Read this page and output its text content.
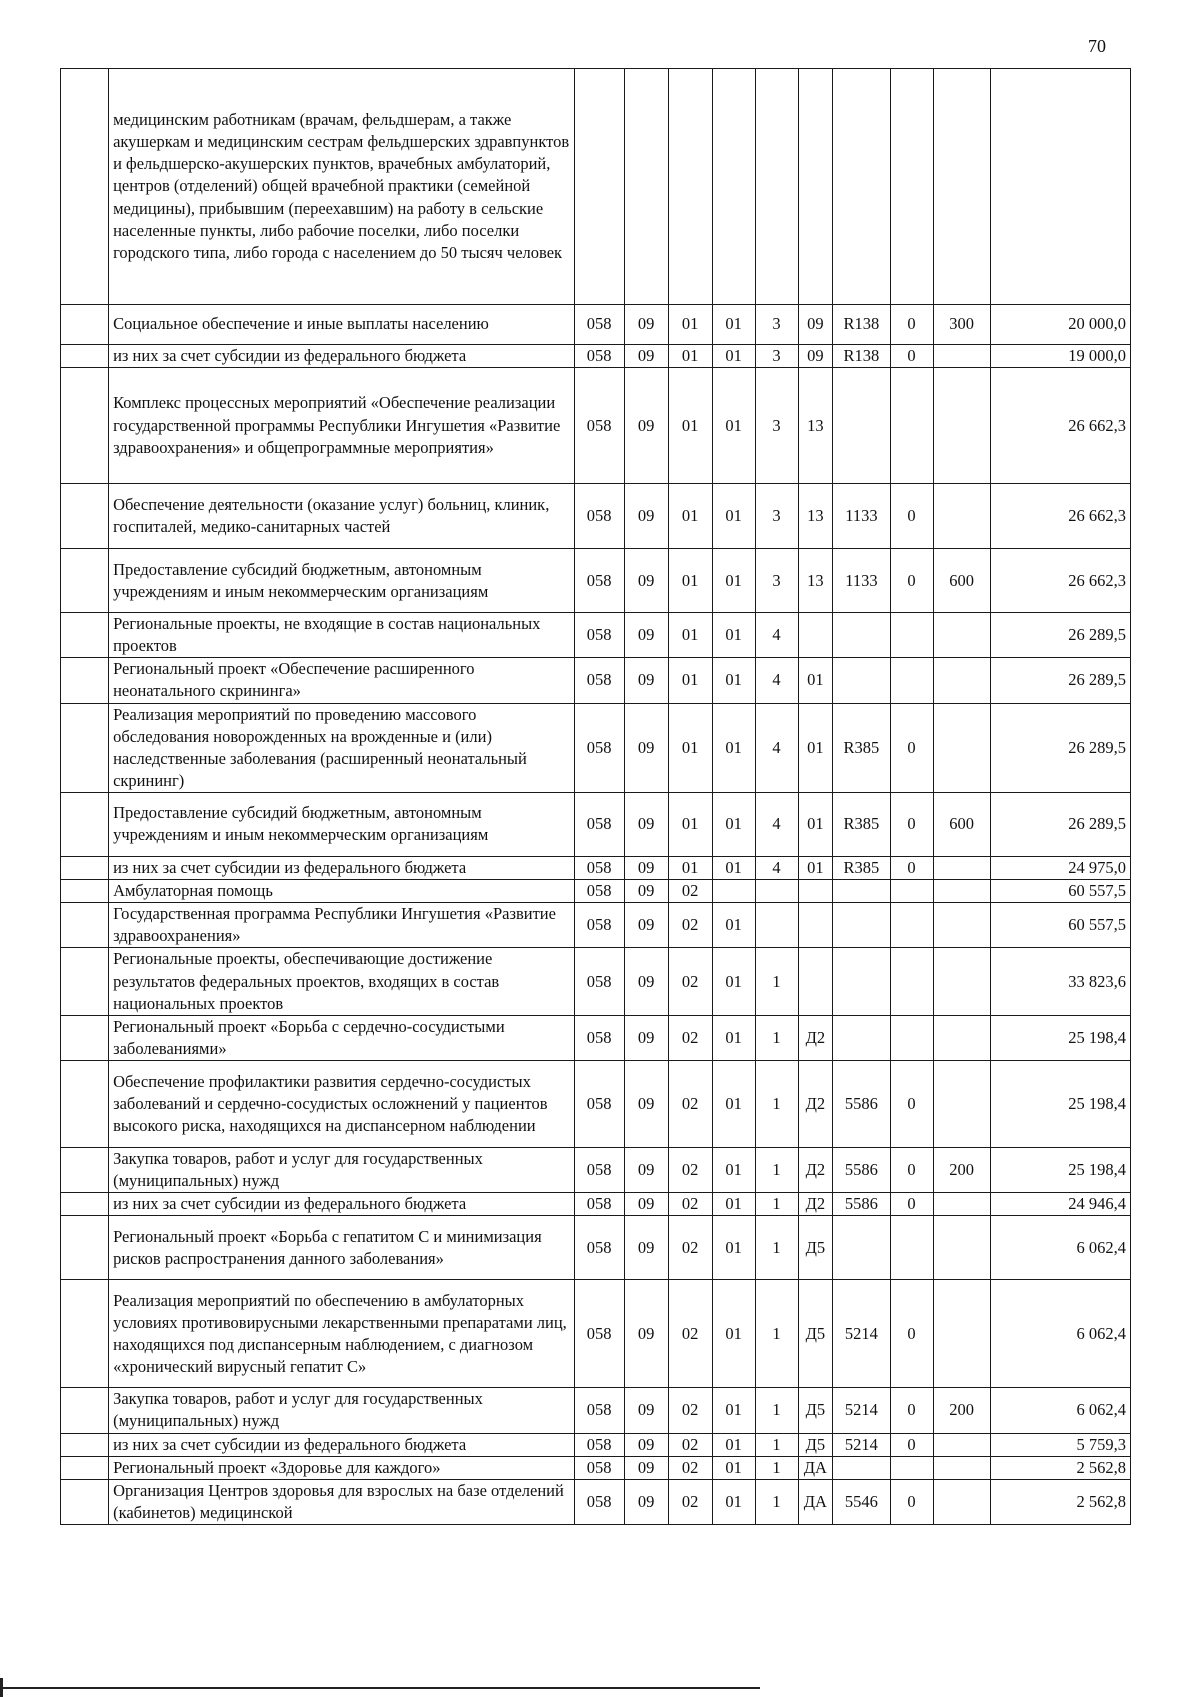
70
	медицинским работникам (врачам, фельдшерам, а также акушеркам и медицинским сестрам фельдшерских здравпунктов и фельдшерско-акушерских пунктов, врачебных амбулаторий, центров (отделений) общей врачебной практики (семейной медицины), прибывшим (переехавшим) на работу в сельские населенные пункты, либо рабочие поселки, либо поселки городского типа, либо города с населением до 50 тысяч человек										
	Социальное обеспечение и иные выплаты населению	058	09	01	01	3	09	R138	0	300	20 000,0
	из них за счет субсидии из федерального бюджета	058	09	01	01	3	09	R138	0		19 000,0
	Комплекс процессных мероприятий «Обеспечение реализации государственной программы Республики Ингушетия «Развитие здравоохранения» и общепрограммные мероприятия»	058	09	01	01	3	13				26 662,3
	Обеспечение деятельности (оказание услуг) больниц, клиник, госпиталей, медико-санитарных частей	058	09	01	01	3	13	1133	0		26 662,3
	Предоставление субсидий бюджетным, автономным учреждениям и иным некоммерческим организациям	058	09	01	01	3	13	1133	0	600	26 662,3
	Региональные проекты, не входящие в состав национальных проектов	058	09	01	01	4					26 289,5
	Региональный проект «Обеспечение расширенного неонатального скрининга»	058	09	01	01	4	01				26 289,5
	Реализация мероприятий по проведению массового обследования новорожденных на врожденные и (или) наследственные заболевания (расширенный неонатальный скрининг)	058	09	01	01	4	01	R385	0		26 289,5
	Предоставление субсидий бюджетным, автономным учреждениям и иным некоммерческим организациям	058	09	01	01	4	01	R385	0	600	26 289,5
	из них за счет субсидии из федерального бюджета	058	09	01	01	4	01	R385	0		24 975,0
	Амбулаторная помощь	058	09	02							60 557,5
	Государственная программа Республики Ингушетия «Развитие здравоохранения»	058	09	02	01						60 557,5
	Региональные проекты, обеспечивающие достижение результатов федеральных проектов, входящих в состав национальных проектов	058	09	02	01	1					33 823,6
	Региональный проект «Борьба с сердечно-сосудистыми заболеваниями»	058	09	02	01	1	Д2				25 198,4
	Обеспечение профилактики развития сердечно-сосудистых заболеваний и сердечно-сосудистых осложнений у пациентов высокого риска, находящихся на диспансерном наблюдении	058	09	02	01	1	Д2	5586	0		25 198,4
	Закупка товаров, работ и услуг для государственных (муниципальных) нужд	058	09	02	01	1	Д2	5586	0	200	25 198,4
	из них за счет субсидии из федерального бюджета	058	09	02	01	1	Д2	5586	0		24 946,4
	Региональный проект «Борьба с гепатитом С и минимизация рисков распространения данного заболевания»	058	09	02	01	1	Д5				6 062,4
	Реализация мероприятий по обеспечению в амбулаторных условиях противовирусными лекарственными препаратами лиц, находящихся под диспансерным наблюдением, с диагнозом «хронический вирусный гепатит С»	058	09	02	01	1	Д5	5214	0		6 062,4
	Закупка товаров, работ и услуг для государственных (муниципальных) нужд	058	09	02	01	1	Д5	5214	0	200	6 062,4
	из них за счет субсидии из федерального бюджета	058	09	02	01	1	Д5	5214	0		5 759,3
	Региональный проект «Здоровье для каждого»	058	09	02	01	1	ДА				2 562,8
	Организация Центров здоровья для взрослых на базе отделений (кабинетов) медицинской	058	09	02	01	1	ДА	5546	0		2 562,8
